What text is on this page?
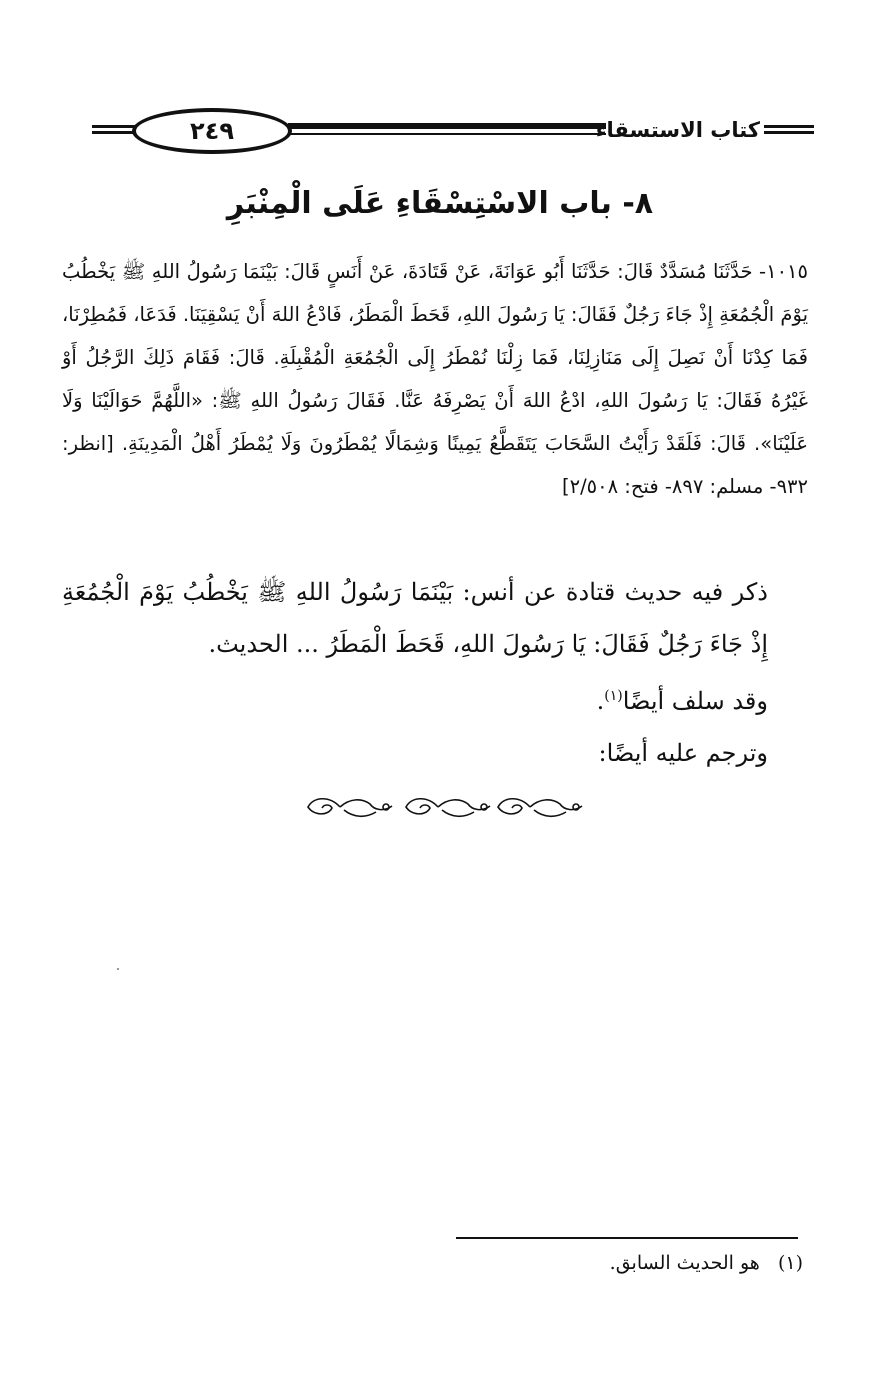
٢٤٩	كتاب الاستسقاء
٨- باب الاسْتِسْقَاءِ عَلَى الْمِنْبَرِ
١٠١٥- حَدَّثَنَا مُسَدَّدٌ قَالَ: حَدَّثَنَا أَبُو عَوَانَةَ، عَنْ قَتَادَةَ، عَنْ أَنَسٍ قَالَ: بَيْنَمَا رَسُولُ اللهِ ﷺ يَخْطُبُ يَوْمَ الْجُمُعَةِ إِذْ جَاءَ رَجُلٌ فَقَالَ: يَا رَسُولَ اللهِ، قَحَطَ الْمَطَرُ، فَادْعُ اللهَ أَنْ يَسْقِيَنَا. فَدَعَا، فَمُطِرْنَا، فَمَا كِدْنَا أَنْ نَصِلَ إِلَى مَنَازِلِنَا، فَمَا زِلْنَا نُمْطَرُ إِلَى الْجُمُعَةِ الْمُقْبِلَةِ. قَالَ: فَقَامَ ذَلِكَ الرَّجُلُ أَوْ غَيْرُهُ فَقَالَ: يَا رَسُولَ اللهِ، ادْعُ اللهَ أَنْ يَصْرِفَهُ عَنَّا. فَقَالَ رَسُولُ اللهِ ﷺ: «اللَّهُمَّ حَوَالَيْنَا وَلَا عَلَيْنَا». قَالَ: فَلَقَدْ رَأَيْتُ السَّحَابَ يَتَقَطَّعُ يَمِينًا وَشِمَالًا يُمْطَرُونَ وَلَا يُمْطَرُ أَهْلُ الْمَدِينَةِ. [انظر: ٩٣٢- مسلم: ٨٩٧- فتح: ٢/٥٠٨]

ذكر فيه حديث قتادة عن أنس: بَيْنَمَا رَسُولُ اللهِ ﷺ يَخْطُبُ يَوْمَ الْجُمُعَةِ إِذْ جَاءَ رَجُلٌ فَقَالَ: يَا رَسُولَ اللهِ، قَحَطَ الْمَطَرُ ... الحديث.

وقد سلف أيضًا$^{(١)}$.

وترجم عليه أيضًا:

(١)   هو الحديث السابق.
